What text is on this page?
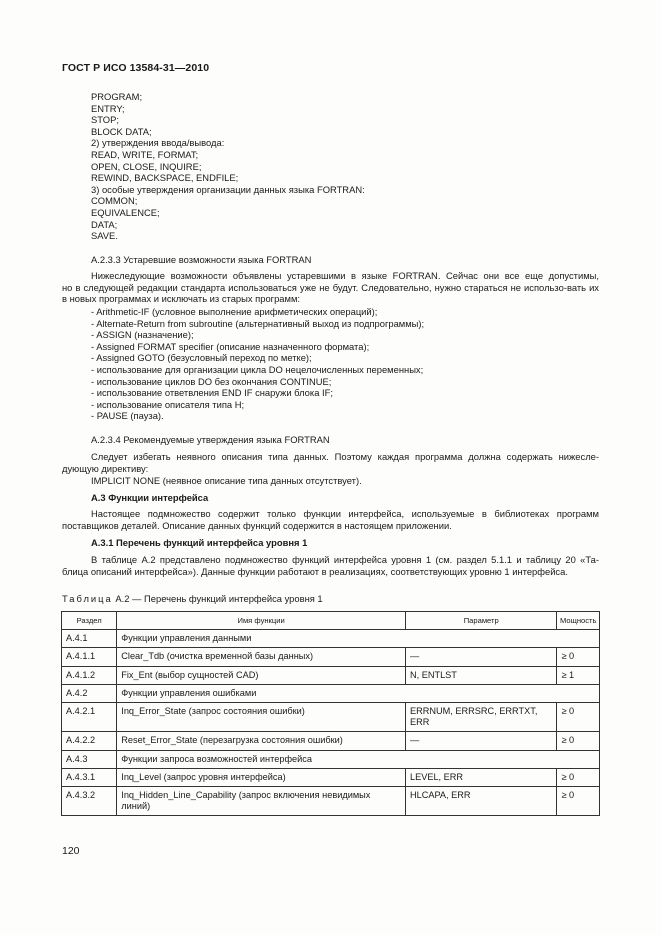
ГОСТ Р ИСО 13584-31—2010
PROGRAM;
ENTRY;
STOP;
BLOCK DATA;
2) утверждения ввода/вывода:
READ, WRITE, FORMAT;
OPEN, CLOSE, INQUIRE;
REWIND, BACKSPACE, ENDFILE;
3) особые утверждения организации данных языка FORTRAN:
COMMON;
EQUIVALENCE;
DATA;
SAVE.
А.2.3.3 Устаревшие возможности языка FORTRAN
Нижеследующие возможности объявлены устаревшими в языке FORTRAN. Сейчас они все еще допустимы,
но в следующей редакции стандарта использоваться уже не будут. Следовательно, нужно стараться не использо-вать их в новых программах и исключать из старых программ:
- Arithmetic-IF (условное выполнение арифметических операций);
- Alternate-Return from subroutine (альтернативный выход из подпрограммы);
- ASSIGN (назначение);
- Assigned FORMAT specifier (описание назначенного формата);
- Assigned GOTO (безусловный переход по метке);
- использование для организации цикла DO нецелочисленных переменных;
- использование циклов DO без окончания CONTINUE;
- использование ответвления END IF снаружи блока IF;
- использование описателя типа H;
- PAUSE (пауза).
А.2.3.4 Рекомендуемые утверждения языка FORTRAN
Следует избегать неявного описания типа данных. Поэтому каждая программа должна содержать нижесле-
дующую директиву:
IMPLICIT NONE (неявное описание типа данных отсутствует).
А.3 Функции интерфейса
Настоящее подмножество содержит только функции интерфейса, используемые в библиотеках программ
поставщиков деталей. Описание данных функций содержится в настоящем приложении.
А.3.1 Перечень функций интерфейса уровня 1
В таблице А.2 представлено подмножество функций интерфейса уровня 1 (см. раздел 5.1.1 и таблицу 20 «Та-
блица описаний интерфейса»). Данные функции работают в реализациях, соответствующих уровню 1 интерфейса.
Таблица А.2 — Перечень функций интерфейса уровня 1
Раздел	Имя функции	Параметр	Мощность
А.4.1	Функции управления данными		
А.4.1.1	Clear_Tdb (очистка временной базы данных)	—	≥ 0
А.4.1.2	Fix_Ent (выбор сущностей CAD)	N, ENTLST	≥ 1
А.4.2	Функции управления ошибками		
А.4.2.1	Inq_Error_State (запрос состояния ошибки)	ERRNUM, ERRSRC, ERRTXT, ERR	≥ 0
А.4.2.2	Reset_Error_State (перезагрузка состояния ошибки)	—	≥ 0
А.4.3	Функции запроса возможностей интерфейса		
А.4.3.1	Inq_Level (запрос уровня интерфейса)	LEVEL, ERR	≥ 0
А.4.3.2	Inq_Hidden_Line_Capability (запрос включения невидимых линий)	HLCAPA, ERR	≥ 0
120
